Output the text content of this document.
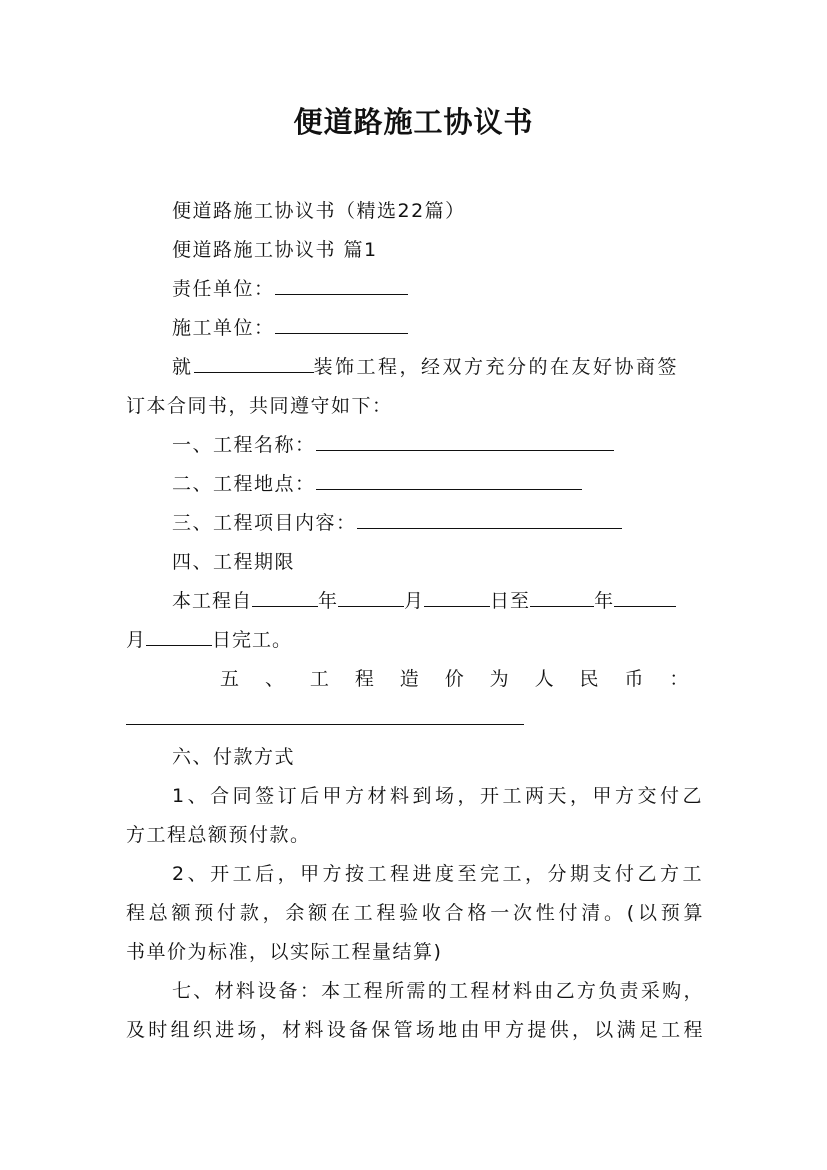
便道路施工协议书
便道路施工协议书（精选22篇）
便道路施工协议书 篇1
责任单位：
施工单位：
就	装饰工程，经双方充分的在友好协商签
订本合同书，共同遵守如下：
一、工程名称：
二、工程地点：
三、工程项目内容：
四、工程期限
本工程自	年	月	日至	年
月	日完工。
五 、 工 程 造 价 为 人 民 币 ：
六、付款方式
1、合同签订后甲方材料到场，开工两天，甲方交付乙
方工程总额预付款。
2、开工后，甲方按工程进度至完工，分期支付乙方工
程总额预付款，余额在工程验收合格一次性付清。(以预算
书单价为标准，以实际工程量结算)
七、材料设备：本工程所需的工程材料由乙方负责采购，
及时组织进场，材料设备保管场地由甲方提供，以满足工程
